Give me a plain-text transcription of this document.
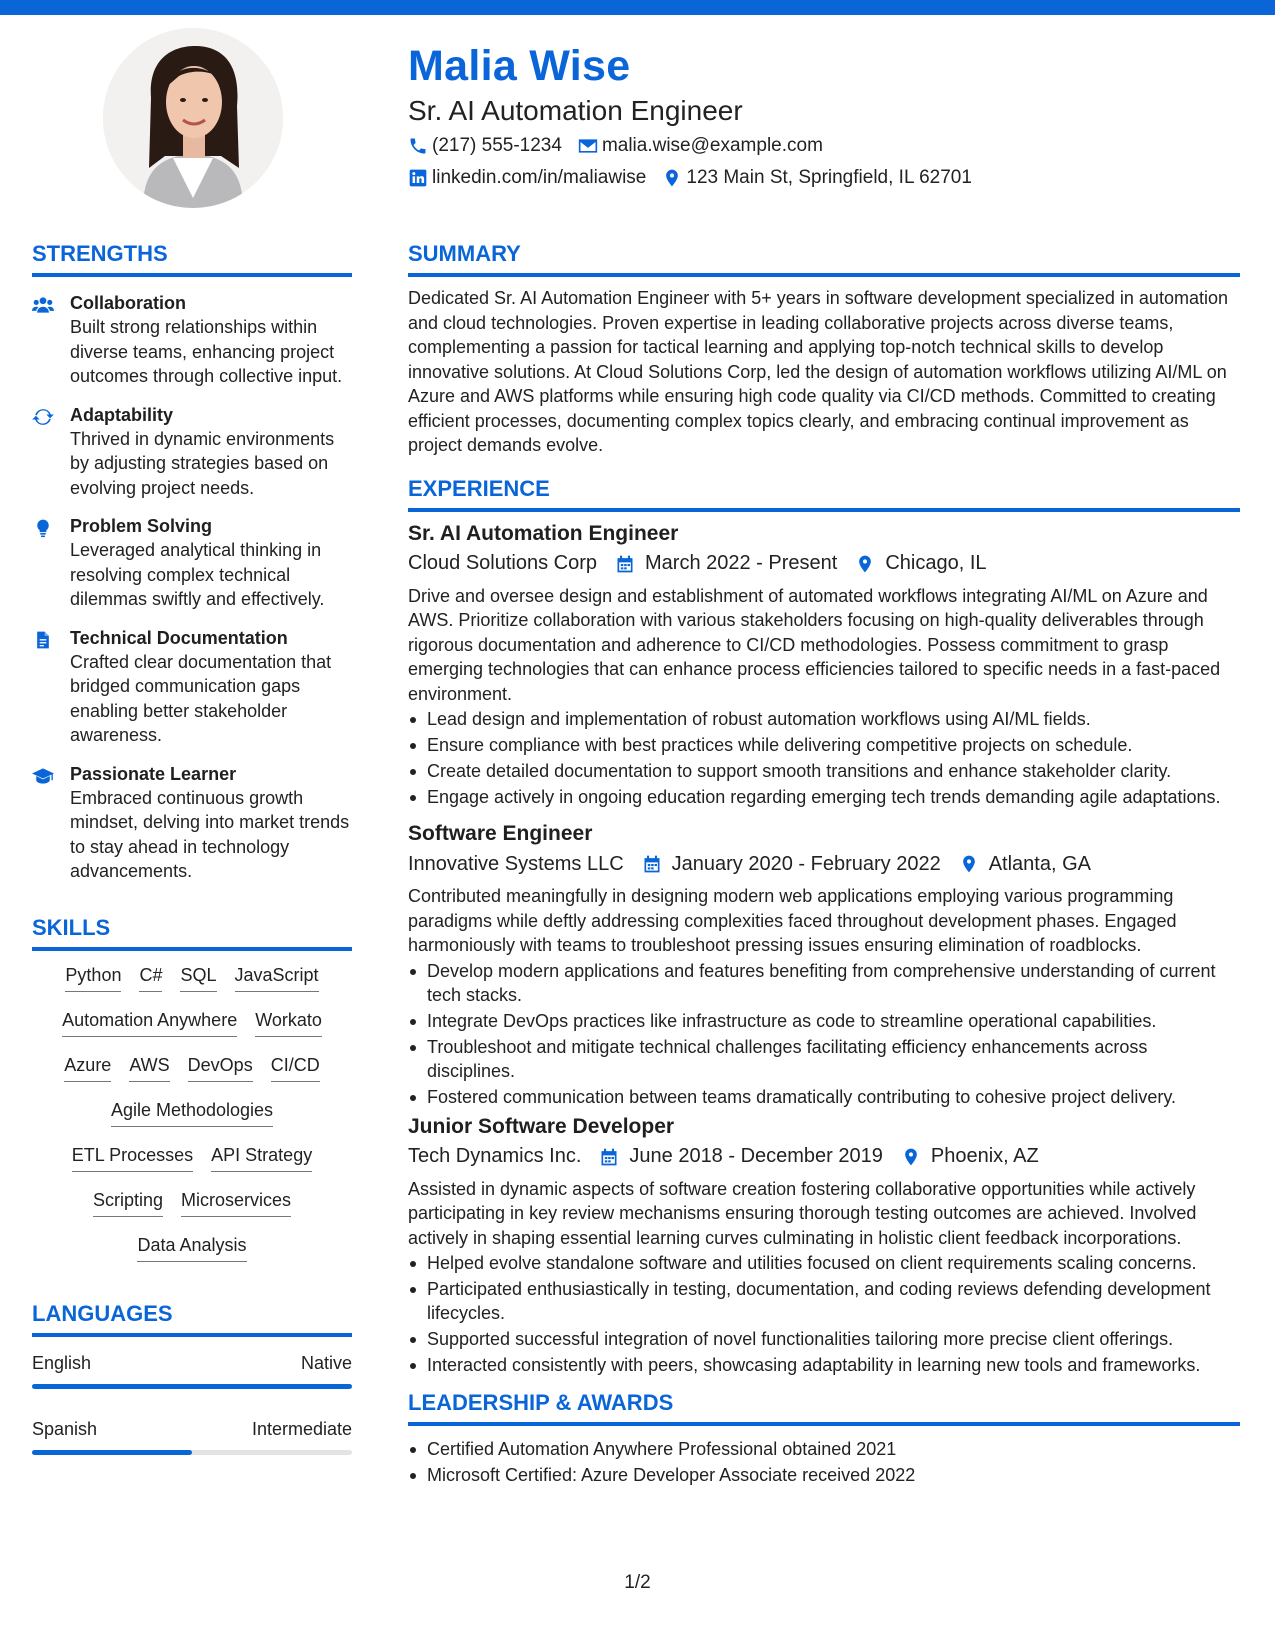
Malia Wise
Sr. AI Automation Engineer
(217) 555-1234 malia.wise@example.com
linkedin.com/in/maliawise 123 Main St, Springfield, IL 62701
STRENGTHS
Collaboration
Built strong relationships within diverse teams, enhancing project outcomes through collective input.
Adaptability
Thrived in dynamic environments by adjusting strategies based on evolving project needs.
Problem Solving
Leveraged analytical thinking in resolving complex technical dilemmas swiftly and effectively.
Technical Documentation
Crafted clear documentation that bridged communication gaps enabling better stakeholder awareness.
Passionate Learner
Embraced continuous growth mindset, delving into market trends to stay ahead in technology advancements.
SKILLS
Python C# SQL JavaScript
Automation Anywhere Workato
Azure AWS DevOps CI/CD
Agile Methodologies
ETL Processes API Strategy
Scripting Microservices
Data Analysis
LANGUAGES
English	Native
Spanish	Intermediate
SUMMARY
Dedicated Sr. AI Automation Engineer with 5+ years in software development specialized in automation and cloud technologies. Proven expertise in leading collaborative projects across diverse teams, complementing a passion for tactical learning and applying top-notch technical skills to develop innovative solutions. At Cloud Solutions Corp, led the design of automation workflows utilizing AI/ML on Azure and AWS platforms while ensuring high code quality via CI/CD methods. Committed to creating efficient processes, documenting complex topics clearly, and embracing continual improvement as project demands evolve.
EXPERIENCE
Sr. AI Automation Engineer
Cloud Solutions Corp March 2022 - Present Chicago, IL
Drive and oversee design and establishment of automated workflows integrating AI/ML on Azure and AWS. Prioritize collaboration with various stakeholders focusing on high-quality deliverables through rigorous documentation and adherence to CI/CD methodologies. Possess commitment to grasp emerging technologies that can enhance process efficiencies tailored to specific needs in a fast-paced environment.
Lead design and implementation of robust automation workflows using AI/ML fields.
Ensure compliance with best practices while delivering competitive projects on schedule.
Create detailed documentation to support smooth transitions and enhance stakeholder clarity.
Engage actively in ongoing education regarding emerging tech trends demanding agile adaptations.
Software Engineer
Innovative Systems LLC January 2020 - February 2022 Atlanta, GA
Contributed meaningfully in designing modern web applications employing various programming paradigms while deftly addressing complexities faced throughout development phases. Engaged harmoniously with teams to troubleshoot pressing issues ensuring elimination of roadblocks.
Develop modern applications and features benefiting from comprehensive understanding of current tech stacks.
Integrate DevOps practices like infrastructure as code to streamline operational capabilities.
Troubleshoot and mitigate technical challenges facilitating efficiency enhancements across disciplines.
Fostered communication between teams dramatically contributing to cohesive project delivery.
Junior Software Developer
Tech Dynamics Inc. June 2018 - December 2019 Phoenix, AZ
Assisted in dynamic aspects of software creation fostering collaborative opportunities while actively participating in key review mechanisms ensuring thorough testing outcomes are achieved. Involved actively in shaping essential learning curves culminating in holistic client feedback incorporations.
Helped evolve standalone software and utilities focused on client requirements scaling concerns.
Participated enthusiastically in testing, documentation, and coding reviews defending development lifecycles.
Supported successful integration of novel functionalities tailoring more precise client offerings.
Interacted consistently with peers, showcasing adaptability in learning new tools and frameworks.
LEADERSHIP & AWARDS
Certified Automation Anywhere Professional obtained 2021
Microsoft Certified: Azure Developer Associate received 2022
1/2
